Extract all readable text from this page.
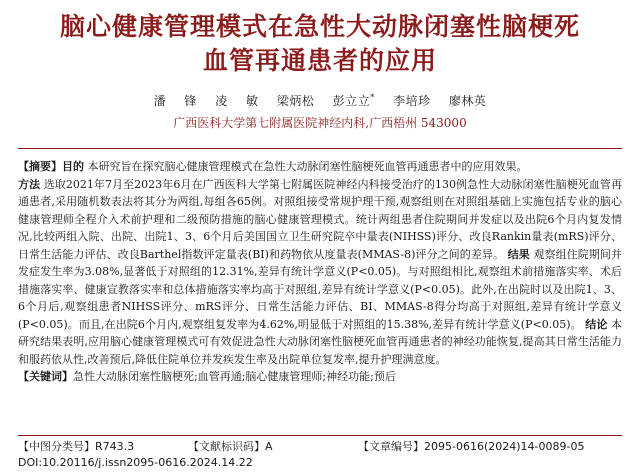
脑心健康管理模式在急性大动脉闭塞性脑梗死
血管再通患者的应用
潘 锋 凌 敏 梁炳松 彭立立* 李培珍 廖林英
广西医科大学第七附属医院神经内科,广西梧州 543000
【摘要】目的 本研究旨在探究脑心健康管理模式在急性大动脉闭塞性脑梗死血管再通患者中的应用效果。
方法 选取2021年7月至2023年6月在广西医科大学第七附属医院神经内科接受治疗的130例急性大动脉闭塞性脑梗死血管再通患者,采用随机数表法将其分为两组,每组各65例。对照组接受常规护理干预,观察组则在对照组基础上实施包括专业的脑心健康管理师全程介入术前护理和二级预防措施的脑心健康管理模式。统计两组患者住院期间并发症以及出院6个月内复发情况,比较两组入院、出院、出院1、3、6个月后美国国立卫生研究院卒中量表(NIHSS)评分、改良Rankin量表(mRS)评分、日常生活能力评估、改良Barthel指数评定量表(BI)和药物依从度量表(MMAS-8)评分之间的差异。 结果 观察组住院期间并发症发生率为3.08%,显著低于对照组的12.31%,差异有统计学意义(P<0.05)。与对照组相比,观察组术前措施落实率、术后措施落实率、健康宣教落实率和总体措施落实率均高于对照组,差异有统计学意义(P<0.05)。此外,在出院时以及出院1、3、6个月后,观察组患者NIHSS评分、mRS评分、日常生活能力评估、BI、MMAS-8得分均高于对照组,差异有统计学意义(P<0.05)。而且,在出院6个月内,观察组复发率为4.62%,明显低于对照组的15.38%,差异有统计学意义(P<0.05)。 结论 本研究结果表明,应用脑心健康管理模式可有效促进急性大动脉闭塞性脑梗死血管再通患者的神经功能恢复,提高其日常生活能力和服药依从性,改善预后,降低住院单位并发疾发生率及出院单位复发率,提升护理满意度。
【关键词】急性大动脉闭塞性脑梗死;血管再通;脑心健康管理师;神经功能;预后
【中图分类号】R743.3	【文献标识码】A	【文章编号】2095-0616(2024)14-0089-05
DOI:10.20116/j.issn2095-0616.2024.14.22
